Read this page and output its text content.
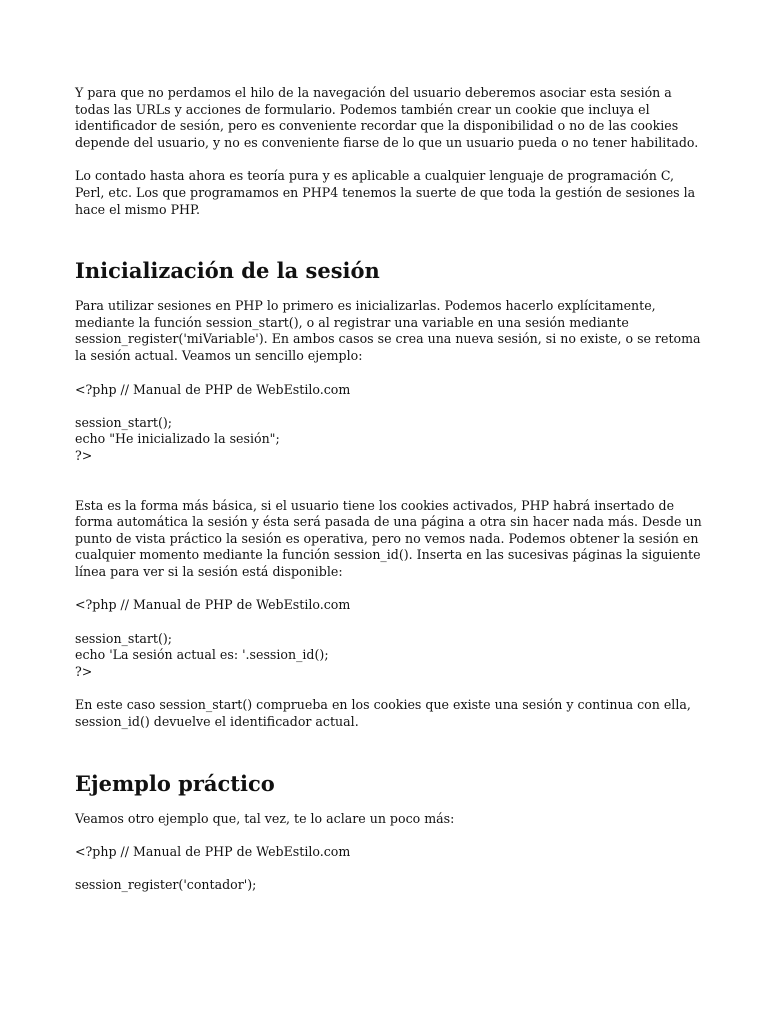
Y para que no perdamos el hilo de la navegación del usuario deberemos asociar esta sesión a todas las URLs y acciones de formulario. Podemos también crear un cookie que incluya el identificador de sesión, pero es conveniente recordar que la disponibilidad o no de las cookies depende del usuario, y no es conveniente fiarse de lo que un usuario pueda o no tener habilitado.

Lo contado hasta ahora es teoría pura y es aplicable a cualquier lenguaje de programación C, Perl, etc. Los que programamos en PHP4 tenemos la suerte de que toda la gestión de sesiones la hace el mismo PHP.

Inicialización de la sesión

Para utilizar sesiones en PHP lo primero es inicializarlas. Podemos hacerlo explícitamente, mediante la función session_start(), o al registrar una variable en una sesión mediante session_register('miVariable'). En ambos casos se crea una nueva sesión, si no existe, o se retoma la sesión actual. Veamos un sencillo ejemplo:

<?php // Manual de PHP de WebEstilo.com

session_start();
echo "He inicializado la sesión";
?>

Esta es la forma más básica, si el usuario tiene los cookies activados, PHP habrá insertado de forma automática la sesión y ésta será pasada de una página a otra sin hacer nada más. Desde un punto de vista práctico la sesión es operativa, pero no vemos nada. Podemos obtener la sesión en cualquier momento mediante la función session_id(). Inserta en las sucesivas páginas la siguiente línea para ver si la sesión está disponible:

<?php // Manual de PHP de WebEstilo.com

session_start();
echo 'La sesión actual es: '.session_id();
?>

En este caso session_start() comprueba en los cookies que existe una sesión y continua con ella, session_id() devuelve el identificador actual.

Ejemplo práctico

Veamos otro ejemplo que, tal vez, te lo aclare un poco más:

<?php // Manual de PHP de WebEstilo.com

session_register('contador');
